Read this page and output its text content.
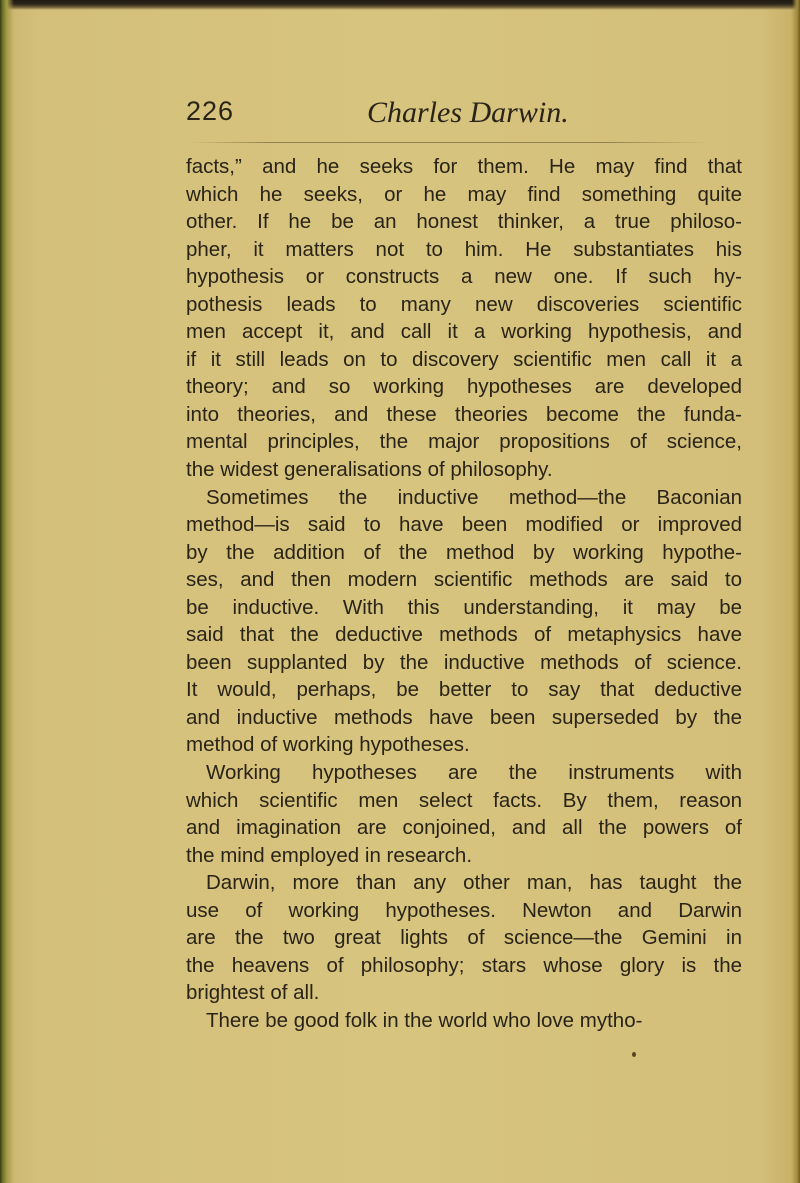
226	Charles Darwin.
facts,” and he seeks for them. He may find that
which he seeks, or he may find something quite
other. If he be an honest thinker, a true philoso-
pher, it matters not to him. He substantiates his
hypothesis or constructs a new one. If such hy-
pothesis leads to many new discoveries scientific
men accept it, and call it a working hypothesis, and
if it still leads on to discovery scientific men call it a
theory; and so working hypotheses are developed
into theories, and these theories become the funda-
mental principles, the major propositions of science,
the widest generalisations of philosophy.
Sometimes the inductive method—the Baconian
method—is said to have been modified or improved
by the addition of the method by working hypothe-
ses, and then modern scientific methods are said to
be inductive. With this understanding, it may be
said that the deductive methods of metaphysics have
been supplanted by the inductive methods of science.
It would, perhaps, be better to say that deductive
and inductive methods have been superseded by the
method of working hypotheses.
Working hypotheses are the instruments with
which scientific men select facts. By them, reason
and imagination are conjoined, and all the powers of
the mind employed in research.
Darwin, more than any other man, has taught the
use of working hypotheses. Newton and Darwin
are the two great lights of science—the Gemini in
the heavens of philosophy; stars whose glory is the
brightest of all.
There be good folk in the world who love mytho-
